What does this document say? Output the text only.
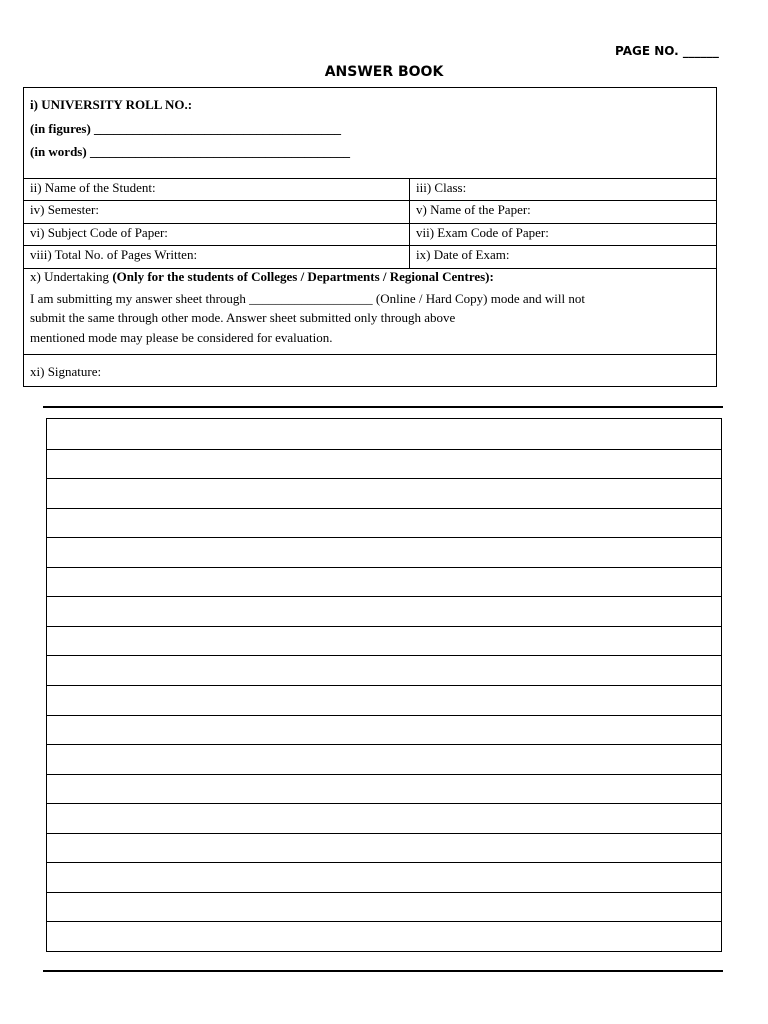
PAGE NO. ______
ANSWER BOOK
i) UNIVERSITY ROLL NO.:
(in figures) ______________________________________
(in words) ________________________________________
ii) Name of the Student:	iii) Class:
iv) Semester:	v) Name of the Paper:
vi) Subject Code of Paper:	vii) Exam Code of Paper:
viii) Total No. of Pages Written:	ix) Date of Exam:
x) Undertaking (Only for the students of Colleges / Departments / Regional Centres):
I am submitting my answer sheet through ___________________ (Online / Hard Copy) mode and will not
submit the same through other mode. Answer sheet submitted only through above
mentioned mode may please be considered for evaluation.
xi) Signature:
